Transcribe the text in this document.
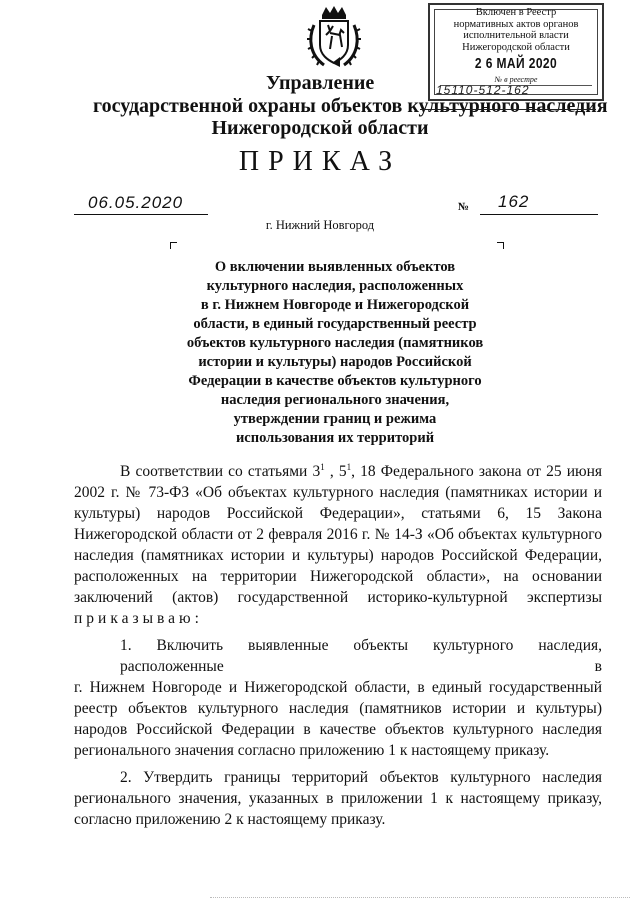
Включен в Реестр
нормативных актов органов
исполнительной власти
Нижегородской области
2 6 МАЙ 2020
№ в реестре
15110-512-162
Управление
государственной охраны объектов культурного наследия
Нижегородской области
ПРИКАЗ
06.05.2020	№ 162
г. Нижний Новгород
О включении выявленных объектов
культурного наследия, расположенных
в г. Нижнем Новгороде и Нижегородской
области, в единый государственный реестр
объектов культурного наследия (памятников
истории и культуры) народов Российской
Федерации в качестве объектов культурного
наследия регионального значения,
утверждении границ и режима
использования их территорий

В соответствии со статьями $3^1$ , $5^1$, 18 Федерального закона от 25 июня

2002 г. № 73-ФЗ «Об объектах культурного наследия (памятниках истории и

культуры) народов Российской Федерации», статьями 6, 15 Закона

Нижегородской области от 2 февраля 2016 г. № 14-З «Об объектах культурного

наследия (памятниках истории и культуры) народов Российской Федерации,

расположенных на территории Нижегородской области», на основании

заключений (актов) государственной историко-культурной экспертизы

приказываю:

1. Включить выявленные объекты культурного наследия, расположенные в

г. Нижнем Новгороде и Нижегородской области, в единый государственный

реестр объектов культурного наследия (памятников истории и культуры)

народов Российской Федерации в качестве объектов культурного наследия

регионального значения согласно приложению 1 к настоящему приказу.

2. Утвердить границы территорий объектов культурного наследия

регионального значения, указанных в приложении 1 к настоящему приказу,

согласно приложению 2 к настоящему приказу.
